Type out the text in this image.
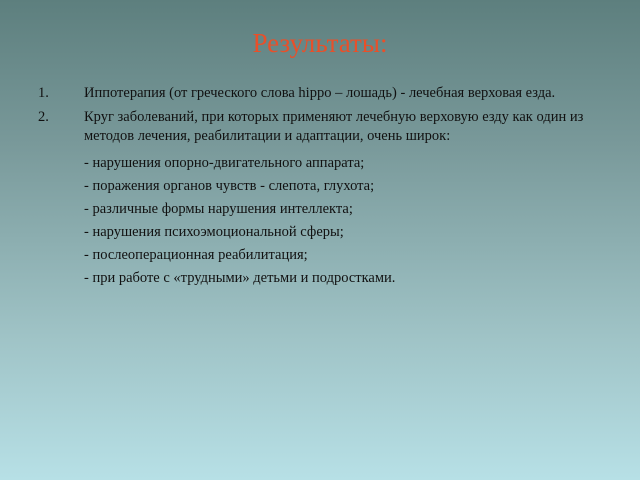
Результаты:
1. Иппотерапия (от греческого слова hippo – лошадь) - лечебная верховая езда.
2. Круг заболеваний, при которых применяют лечебную верховую езду как один из методов лечения, реабилитации и адаптации, очень широк:
- нарушения опорно-двигательного аппарата;
- поражения органов чувств - слепота, глухота;
- различные формы нарушения интеллекта;
- нарушения психоэмоциональной сферы;
- послеоперационная реабилитация;
- при работе с «трудными» детьми и подростками.
